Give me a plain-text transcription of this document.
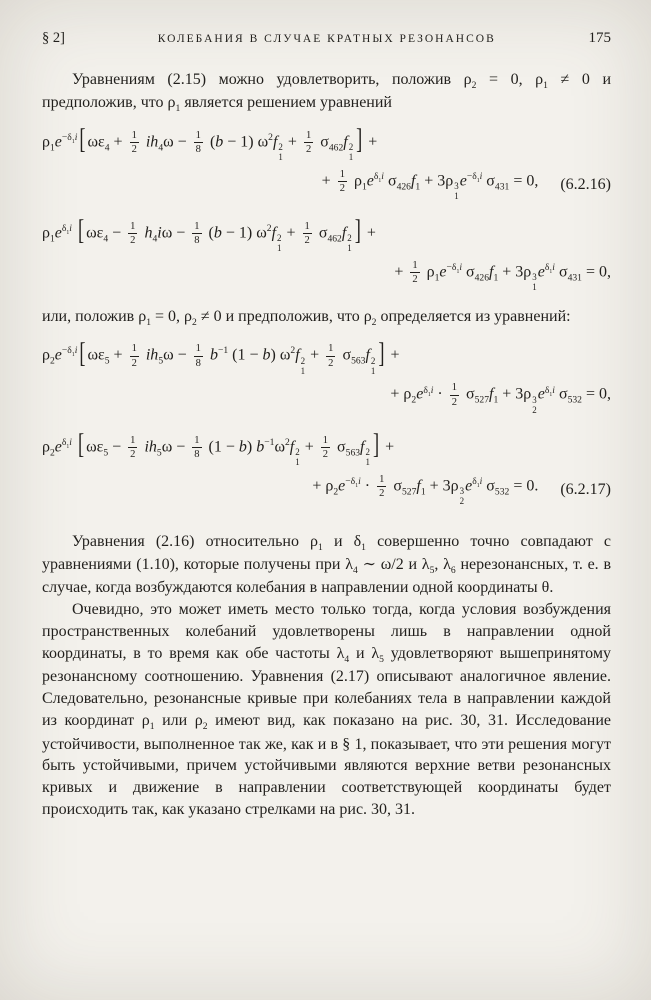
§ 2]	КОЛЕБАНИЯ В СЛУЧАЕ КРАТНЫХ РЕЗОНАНСОВ	175

Уравнениям (2.15) можно удовлетворить, положив $\rho_2 = 0$, $\rho_1 \ne 0$ и предположив, что $\rho_1$ является решением уравнений

$\rho_1e^{-\delta_1i}$ [ $\omega\varepsilon_4 + \frac{1}{2} ih_4\omega - \frac{1}{8} (b - 1)$ $\omega^2f$ 2
1
+ $\frac{1}{2} \sigma_{462}f$ 2
1
] +
+ $\frac{1}{2} \rho_1e^{\delta_1i}$ $\sigma_{426}f_1 + 3\rho$ 3
1
$e^{-\delta_1i}$ $\sigma_{431} = 0$, (6.2.16)
$\rho_1e^{\delta_1i}$ [ $\omega\varepsilon_4 - \frac{1}{2} h_4i\omega - \frac{1}{8} (b - 1)$ $\omega^2f$ 2
1
+ $\frac{1}{2} \sigma_{462}f$ 2
1
] +
+ $\frac{1}{2} \rho_1e^{-\delta_1i}$ $\sigma_{426}f_1 + 3\rho$ 3
1
$e^{\delta_1i}$ $\sigma_{431} = 0$,

или, положив $\rho_1 = 0$, $\rho_2 \ne 0$ и предположив, что $\rho_2$ определяется из уравнений:

$\rho_2e^{-\delta_1i}$ [ $\omega\varepsilon_5 + \frac{1}{2} ih_5\omega - \frac{1}{8} b^{-1}$ (1 − b) $\omega^2f$ 2
1
+ $\frac{1}{2} \sigma_{563}f$ 2
1
] +
+ $\rho_2e^{\delta_1i} \cdot \frac{1}{2} \sigma_{527}f_1 + 3\rho$ 3
2
$e^{\delta_1i}$ $\sigma_{532} = 0$,
$\rho_2e^{\delta_1i}$ [ $\omega\varepsilon_5 - \frac{1}{2} ih_5\omega - \frac{1}{8} (1 - b)$ $b^{-1}\omega^2f$ 2
1
+ $\frac{1}{2} \sigma_{563}f$ 2
1
] +
+ $\rho_2e^{-\delta_1i} \cdot \frac{1}{2} \sigma_{527}f_1 + 3\rho$ 3
2
$e^{\delta_1i}$ $\sigma_{532} = 0$. (6.2.17)

Уравнения (2.16) относительно $\rho_1$ и $\delta_1$ совершенно точно совпадают с уравнениями (1.10), которые получены при $\lambda_4$ ∼ ω/2 и $\lambda_5$, $\lambda_6$ нерезонансных, т. е. в случае, когда возбуждаются колебания в направлении одной координаты θ.

Очевидно, это может иметь место только тогда, когда условия возбуждения пространственных колебаний удовлетворены лишь в направлении одной координаты, в то время как обе частоты $\lambda_4$ и $\lambda_5$ удовлетворяют вышепринятому резонансному соотношению. Уравнения (2.17) описывают аналогичное явление. Следовательно, резонансные кривые при колебаниях тела в направлении каждой из координат $\rho_1$ или $\rho_2$ имеют вид, как показано на рис. 30, 31. Исследование устойчивости, выполненное так же, как и в § 1, показывает, что эти решения могут быть устойчивыми, причем устойчивыми являются верхние ветви резонансных кривых и движение в направлении соответствующей координаты будет происходить так, как указано стрелками на рис. 30, 31.
